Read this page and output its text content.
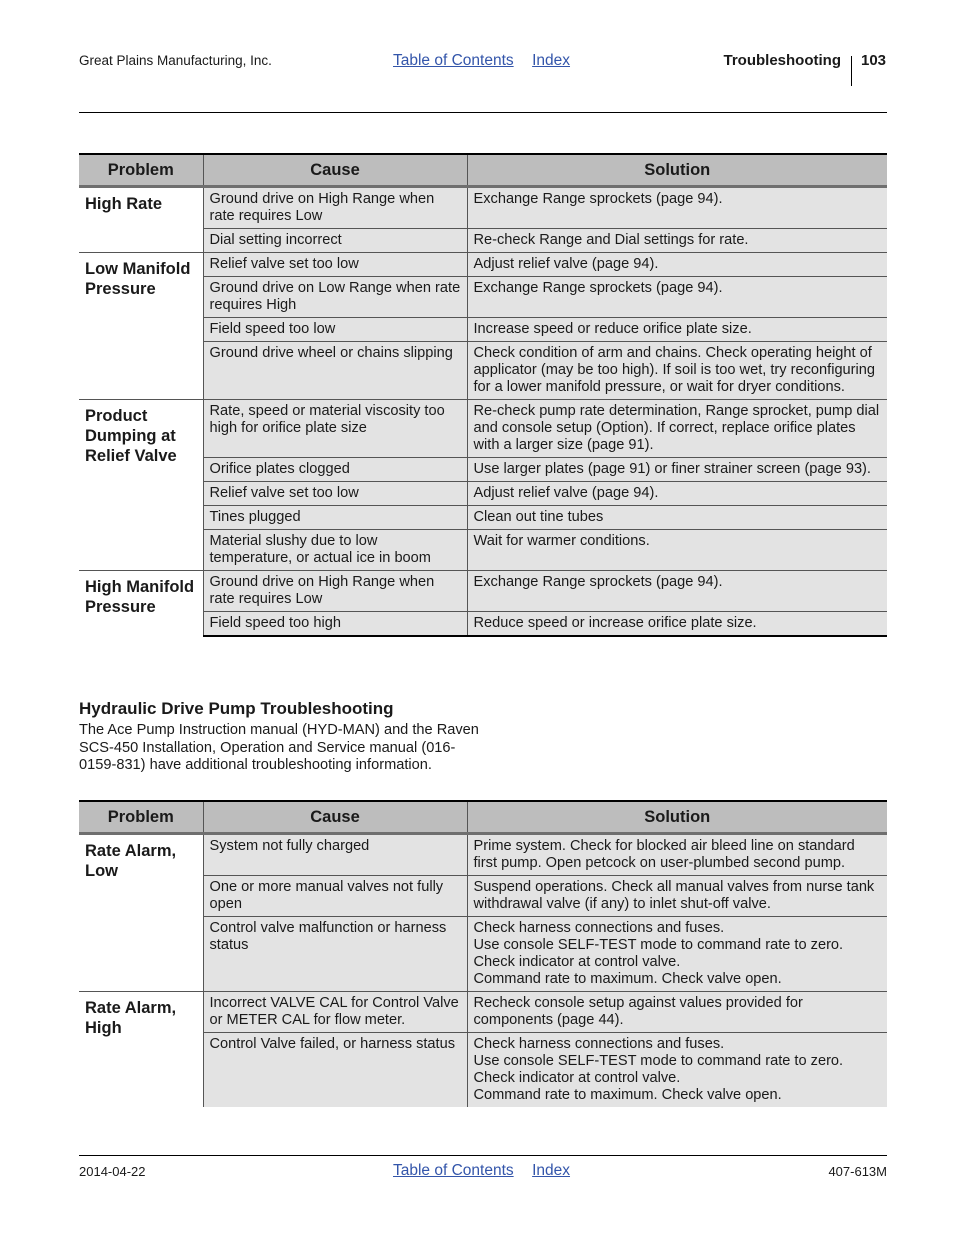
Great Plains Manufacturing, Inc.	Table of Contents Index	Troubleshooting 103
Problem	Cause	Solution
High Rate	Ground drive on High Range when rate requires Low	Exchange Range sprockets (page 94).
	Dial setting incorrect	Re-check Range and Dial settings for rate.
Low Manifold Pressure	Relief valve set too low	Adjust relief valve (page 94).
	Ground drive on Low Range when rate requires High	Exchange Range sprockets (page 94).
	Field speed too low	Increase speed or reduce orifice plate size.
	Ground drive wheel or chains slipping	Check condition of arm and chains. Check operating height of applicator (may be too high). If soil is too wet, try reconfiguring for a lower manifold pressure, or wait for dryer conditions.
Product Dumping at Relief Valve	Rate, speed or material viscosity too high for orifice plate size	Re-check pump rate determination, Range sprocket, pump dial and console setup (Option). If correct, replace orifice plates with a larger size (page 91).
	Orifice plates clogged	Use larger plates (page 91) or finer strainer screen (page 93).
	Relief valve set too low	Adjust relief valve (page 94).
	Tines plugged	Clean out tine tubes
	Material slushy due to low temperature, or actual ice in boom	Wait for warmer conditions.
High Manifold Pressure	Ground drive on High Range when rate requires Low	Exchange Range sprockets (page 94).
	Field speed too high	Reduce speed or increase orifice plate size.
Hydraulic Drive Pump Troubleshooting
The Ace Pump Instruction manual (HYD-MAN) and the Raven SCS-450 Installation, Operation and Service manual (016-0159-831) have additional troubleshooting information.
Problem	Cause	Solution
Rate Alarm, Low	System not fully charged	Prime system. Check for blocked air bleed line on standard first pump. Open petcock on user-plumbed second pump.
	One or more manual valves not fully open	Suspend operations. Check all manual valves from nurse tank withdrawal valve (if any) to inlet shut-off valve.
	Control valve malfunction or harness status	Check harness connections and fuses.
Use console SELF-TEST mode to command rate to zero.
Check indicator at control valve.
Command rate to maximum. Check valve open.
Rate Alarm, High	Incorrect VALVE CAL for Control Valve or METER CAL for flow meter.	Recheck console setup against values provided for components (page 44).
	Control Valve failed, or harness status	Check harness connections and fuses.
Use console SELF-TEST mode to command rate to zero.
Check indicator at control valve.
Command rate to maximum. Check valve open.
2014-04-22	Table of Contents Index	407-613M
